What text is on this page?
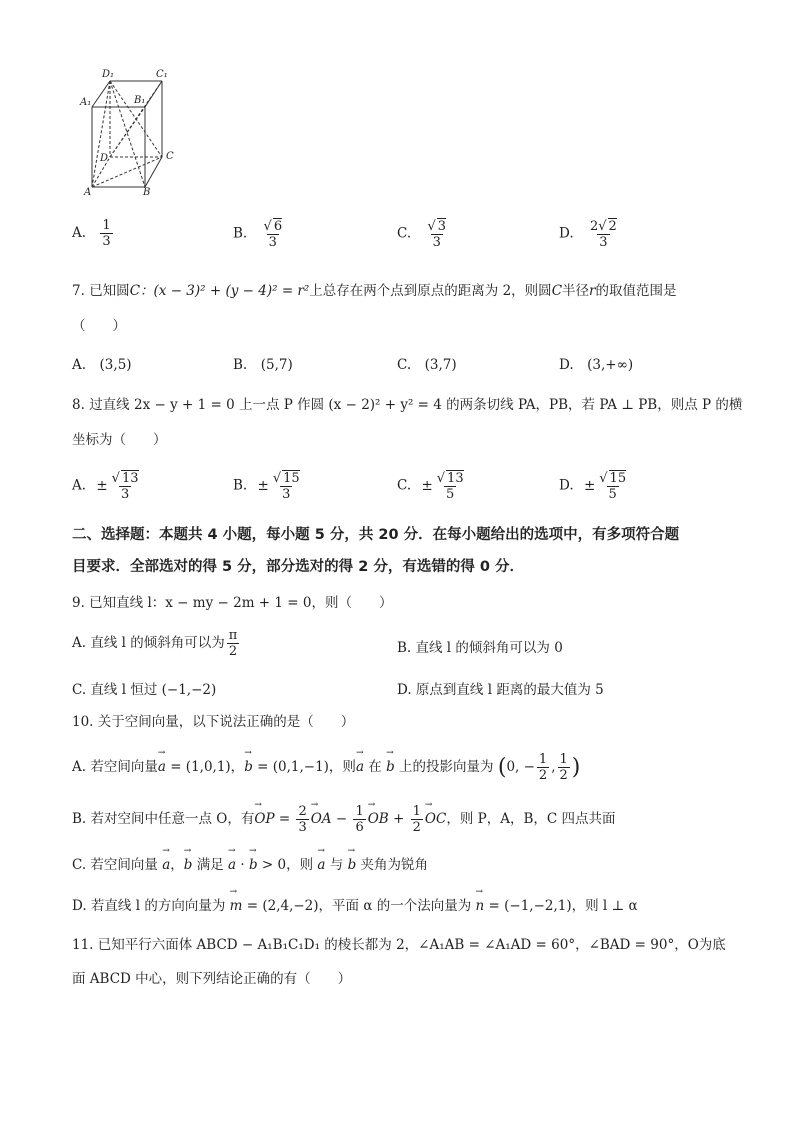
D₁	C₁
A₁	B₁
D	C
A	B
A. $\frac{1}{3}$	B. $\frac{√ 6}{3}$	C. $\frac{√ 3}{3}$	D. $\frac{2√ 2}{3}$
7. 已知圆C：(x − 3)² + (y − 4)² = r²上总存在两个点到原点的距离为 2，则圆C半径r的取值范围是
（　　）
A.　(3,5)	B.　(5,7)	C.　(3,7)	D.　(3,+∞)
8. 过直线 2x − y + 1 = 0 上一点 P 作圆 (x − 2)² + y² = 4 的两条切线 PA，PB，若 PA ⊥ PB，则点 P 的横
坐标为（　　）
A. ± $\frac{√ 13}{3}$	B. ± $\frac{√ 15}{3}$	C. ± $\frac{√ 13}{5}$	D. ± $\frac{√ 15}{5}$
二、选择题：本题共 4 小题，每小题 5 分，共 20 分．在每小题给出的选项中，有多项符合题
目要求．全部选对的得 5 分，部分选对的得 2 分，有选错的得 0 分．
9. 已知直线 l：x − my − 2m + 1 = 0，则（　　）
A. 直线 l 的倾斜角可以为 $\frac{\pi}{2}$	B. 直线 l 的倾斜角可以为 0
C. 直线 l 恒过 (−1,−2)	D. 原点到直线 l 距离的最大值为 5
10. 关于空间向量，以下说法正确的是（　　）
A. 若空间向量→ a = (1,0,1)，→ b = (0,1,−1)，则→ a 在 → b 上的投影向量为 (0, − $\frac{1}{2}$ , $\frac{1}{2}$ )
B. 若对空间中任意一点 O，有→ OP = $\frac{2}{3}$ → OA − $\frac{1}{6}$ → OB + $\frac{1}{2}$ → OC，则 P，A，B，C 四点共面
C. 若空间向量 → a，→ b 满足 → a · → b > 0，则 → a 与 → b 夹角为锐角
D. 若直线 l 的方向向量为 → m = (2,4,−2)，平面 α 的一个法向量为 → n = (−1,−2,1)，则 l ⊥ α
11. 已知平行六面体 ABCD − A₁B₁C₁D₁ 的棱长都为 2，∠A₁AB = ∠A₁AD = 60°，∠BAD = 90°，O为底
面 ABCD 中心，则下列结论正确的有（　　）
